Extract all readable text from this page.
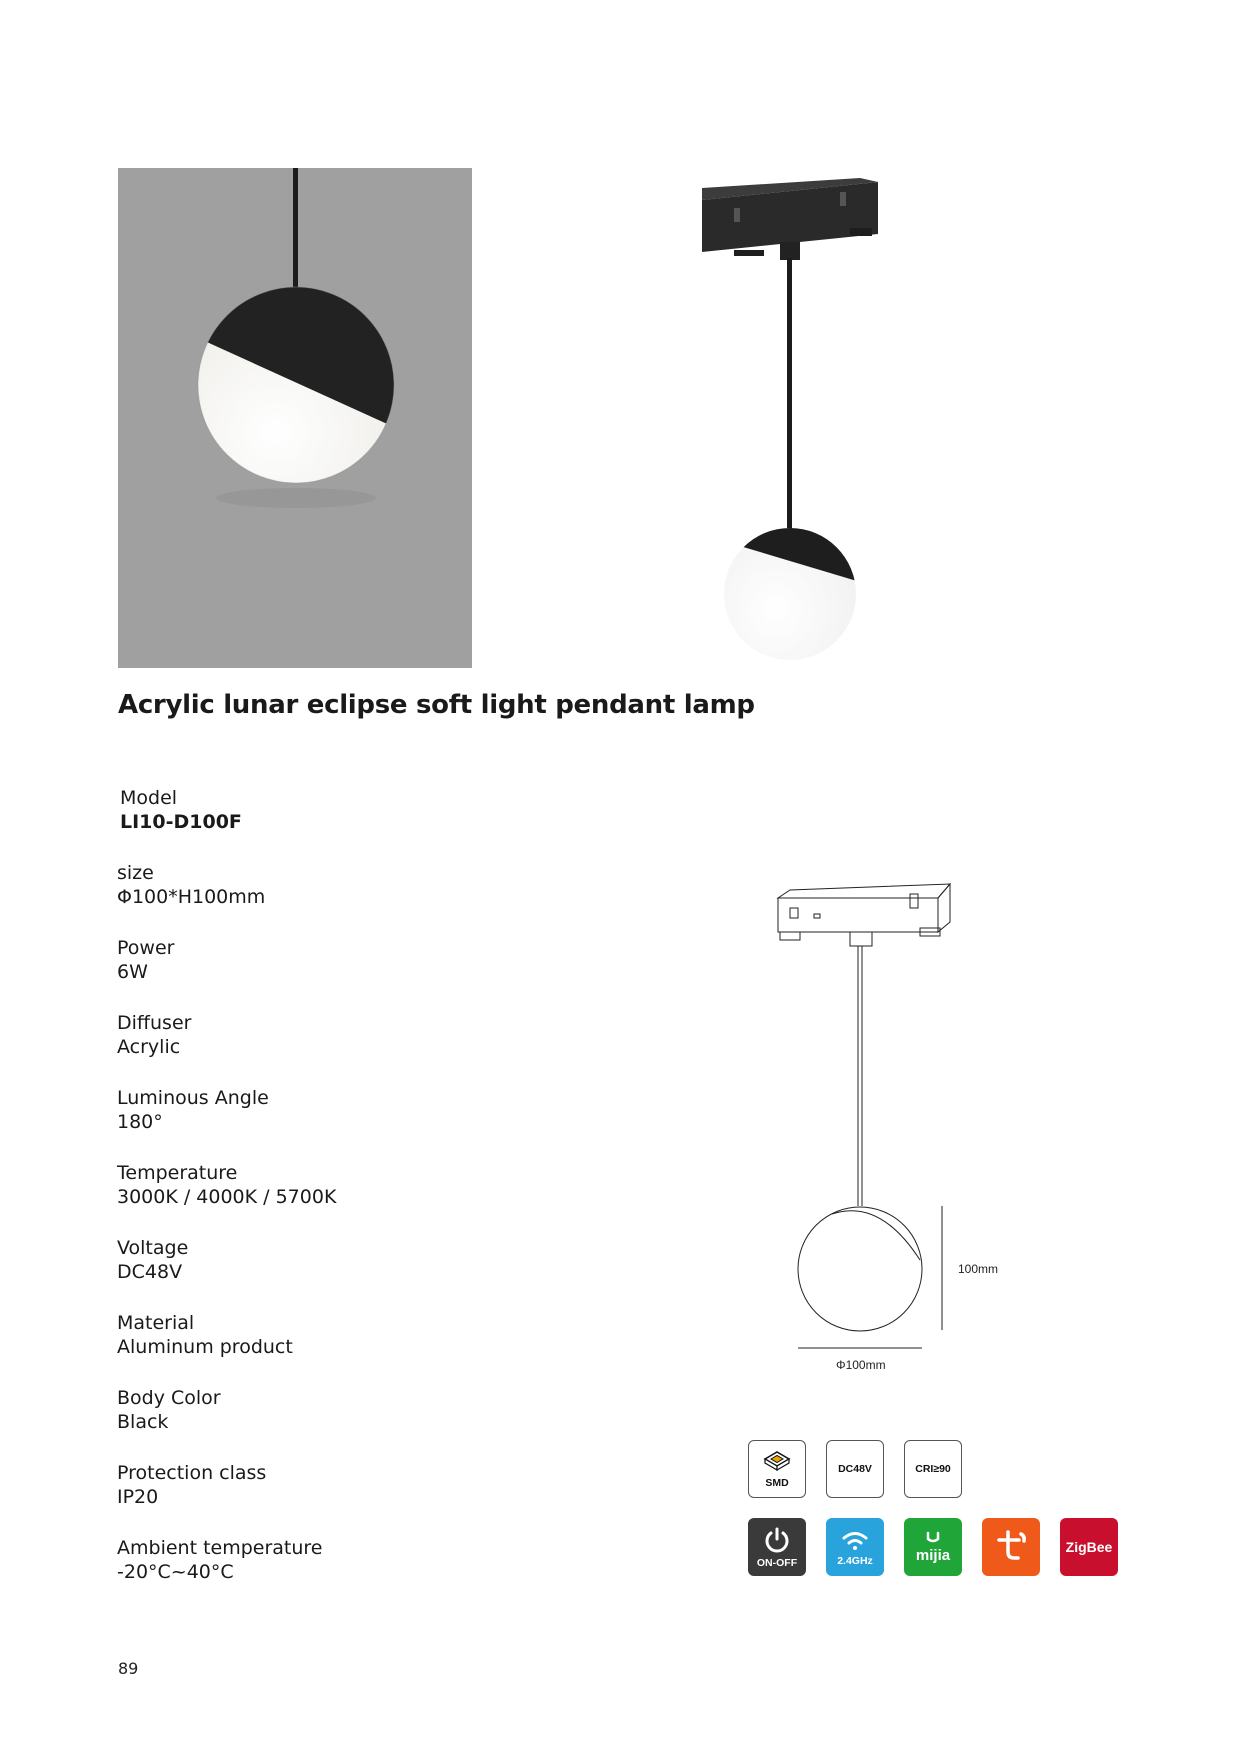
Acrylic lunar eclipse soft light pendant lamp
Model
LI10-D100F
size
Φ100*H100mm
Power
6W
Diffuser
Acrylic
Luminous Angle
180°
Temperature
3000K / 4000K / 5700K
Voltage
DC48V
Material
Aluminum product
Body Color
Black
Protection class
IP20
Ambient temperature
-20°C~40°C
100mm
Φ100mm
SMD
DC48V	CRI≥90
ON-OFF	2.4GHz	mijia	ZigBee
89
